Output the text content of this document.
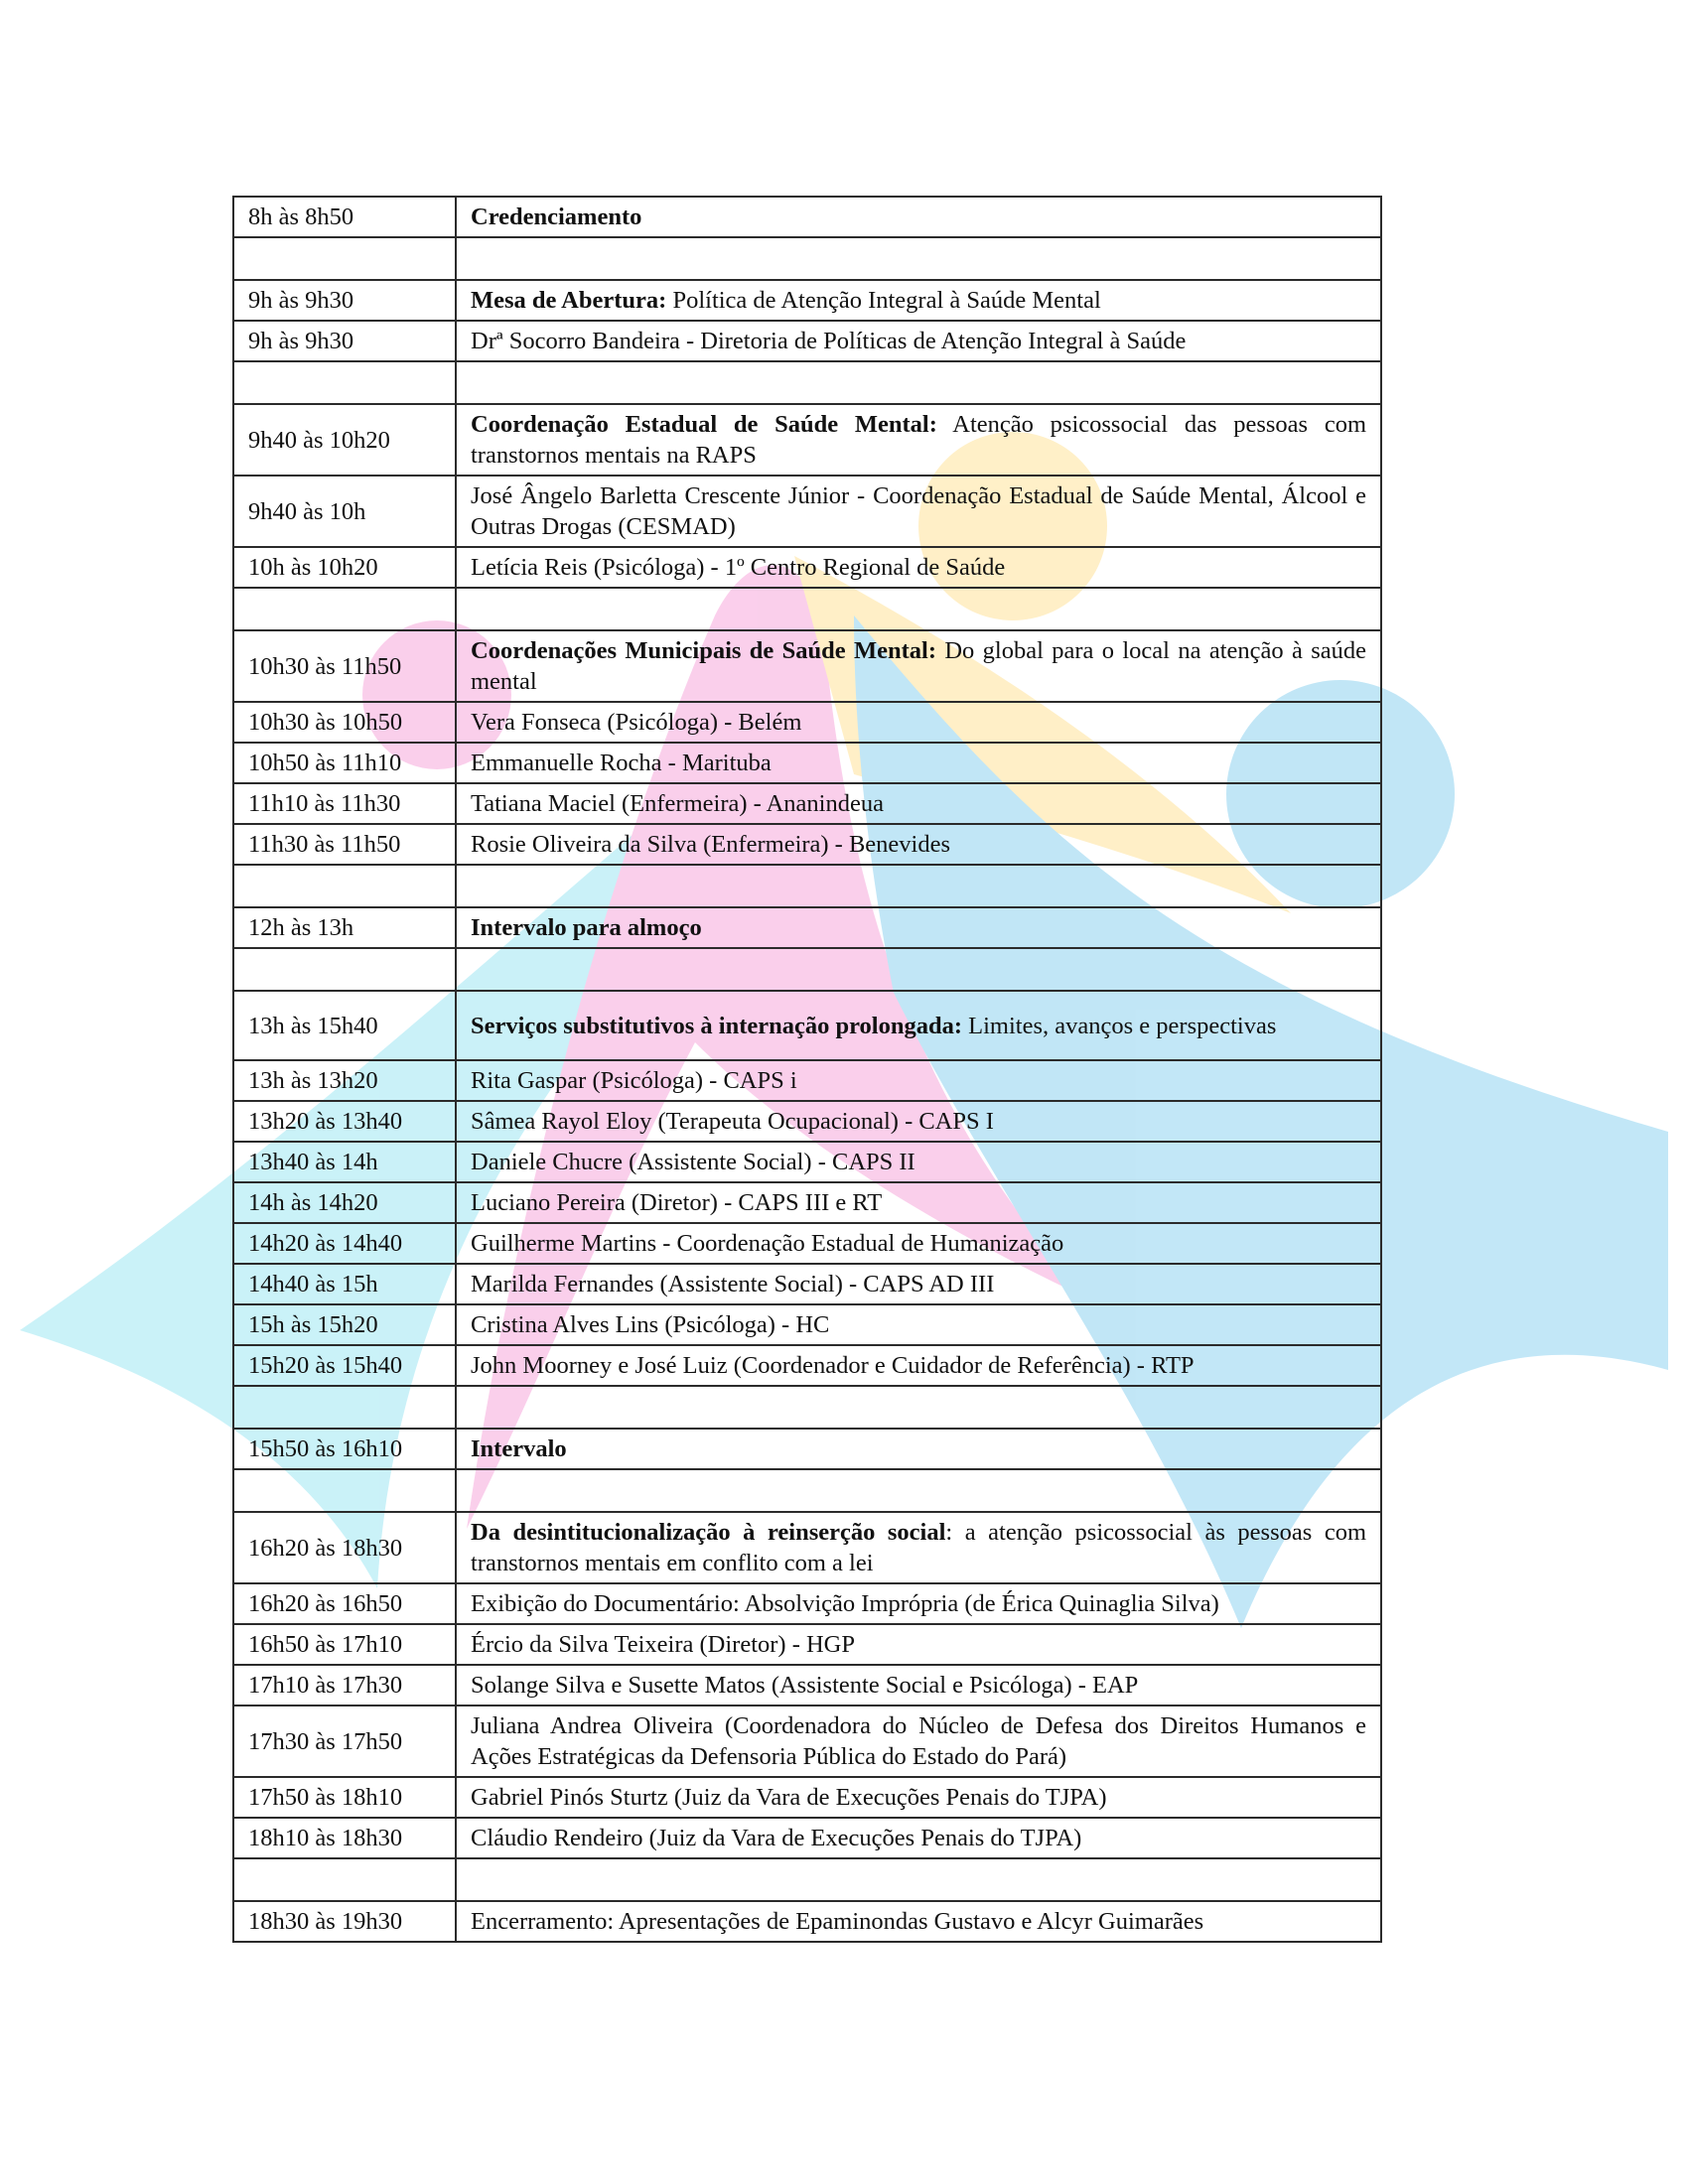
8h às 8h50	Credenciamento

9h às 9h30	Mesa de Abertura: Política de Atenção Integral à Saúde Mental
9h às 9h30	Drª Socorro Bandeira - Diretoria de Políticas de Atenção Integral à Saúde

9h40 às 10h20	Coordenação Estadual de Saúde Mental: Atenção psicossocial das pessoas com transtornos mentais na RAPS
9h40 às 10h	José Ângelo Barletta Crescente Júnior - Coordenação Estadual de Saúde Mental, Álcool e Outras Drogas (CESMAD)
10h às 10h20	Letícia Reis (Psicóloga) - 1º Centro Regional de Saúde

10h30 às 11h50	Coordenações Municipais de Saúde Mental: Do global para o local na atenção à saúde mental
10h30 às 10h50	Vera Fonseca (Psicóloga) - Belém
10h50 às 11h10	Emmanuelle Rocha - Marituba
11h10 às 11h30	Tatiana Maciel (Enfermeira) - Ananindeua
11h30 às 11h50	Rosie Oliveira da Silva (Enfermeira) - Benevides

12h às 13h	Intervalo para almoço

13h às 15h40	Serviços substitutivos à internação prolongada: Limites, avanços e perspectivas
13h às 13h20	Rita Gaspar (Psicóloga) - CAPS i
13h20 às 13h40	Sâmea Rayol Eloy (Terapeuta Ocupacional) - CAPS I
13h40 às 14h	Daniele Chucre (Assistente Social) - CAPS II
14h às 14h20	Luciano Pereira (Diretor) - CAPS III e RT
14h20 às 14h40	Guilherme Martins - Coordenação Estadual de Humanização
14h40 às 15h	Marilda Fernandes (Assistente Social) - CAPS AD III
15h às 15h20	Cristina Alves Lins (Psicóloga) - HC
15h20 às 15h40	John Moorney e José Luiz (Coordenador e Cuidador de Referência) - RTP

15h50 às 16h10	Intervalo

16h20 às 18h30	Da desintitucionalização à reinserção social: a atenção psicossocial às pessoas com transtornos mentais em conflito com a lei
16h20 às 16h50	Exibição do Documentário: Absolvição Imprópria (de Érica Quinaglia Silva)
16h50 às 17h10	Ércio da Silva Teixeira (Diretor) - HGP
17h10 às 17h30	Solange Silva e Susette Matos (Assistente Social e Psicóloga) - EAP
17h30 às 17h50	Juliana Andrea Oliveira (Coordenadora do Núcleo de Defesa dos Direitos Humanos e Ações Estratégicas da Defensoria Pública do Estado do Pará)
17h50 às 18h10	Gabriel Pinós Sturtz (Juiz da Vara de Execuções Penais do TJPA)
18h10 às 18h30	Cláudio Rendeiro (Juiz da Vara de Execuções Penais do TJPA)

18h30 às 19h30	Encerramento: Apresentações de Epaminondas Gustavo e Alcyr Guimarães
